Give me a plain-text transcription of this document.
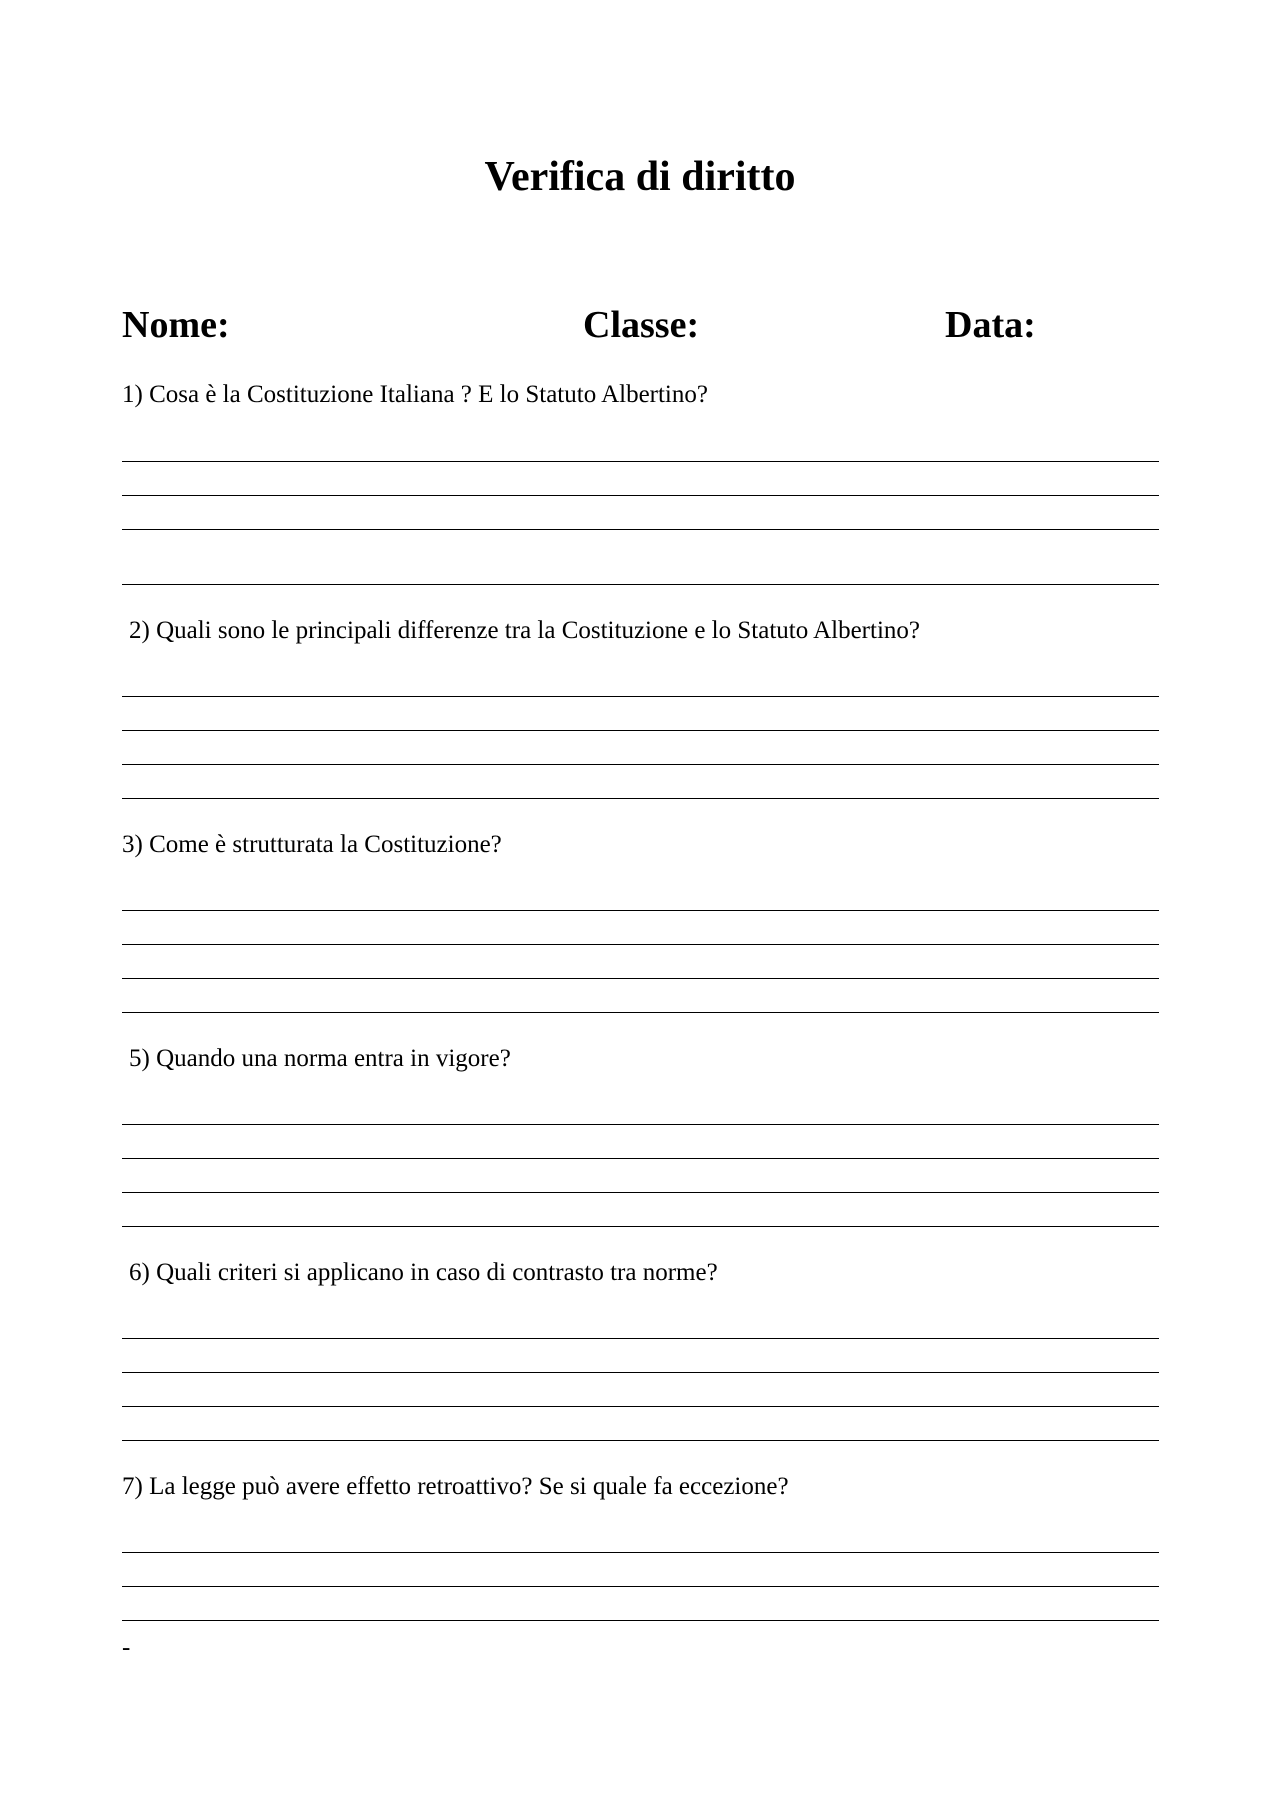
Verifica di diritto
Nome:	Classe:	Data:
1) Cosa è la Costituzione Italiana ? E lo Statuto Albertino?
2) Quali sono le principali differenze tra la Costituzione e lo Statuto Albertino?
3) Come è strutturata la Costituzione?
5) Quando una norma entra in vigore?
6) Quali criteri si applicano in caso di contrasto tra norme?
7) La legge può avere effetto retroattivo? Se si quale fa eccezione?
-
